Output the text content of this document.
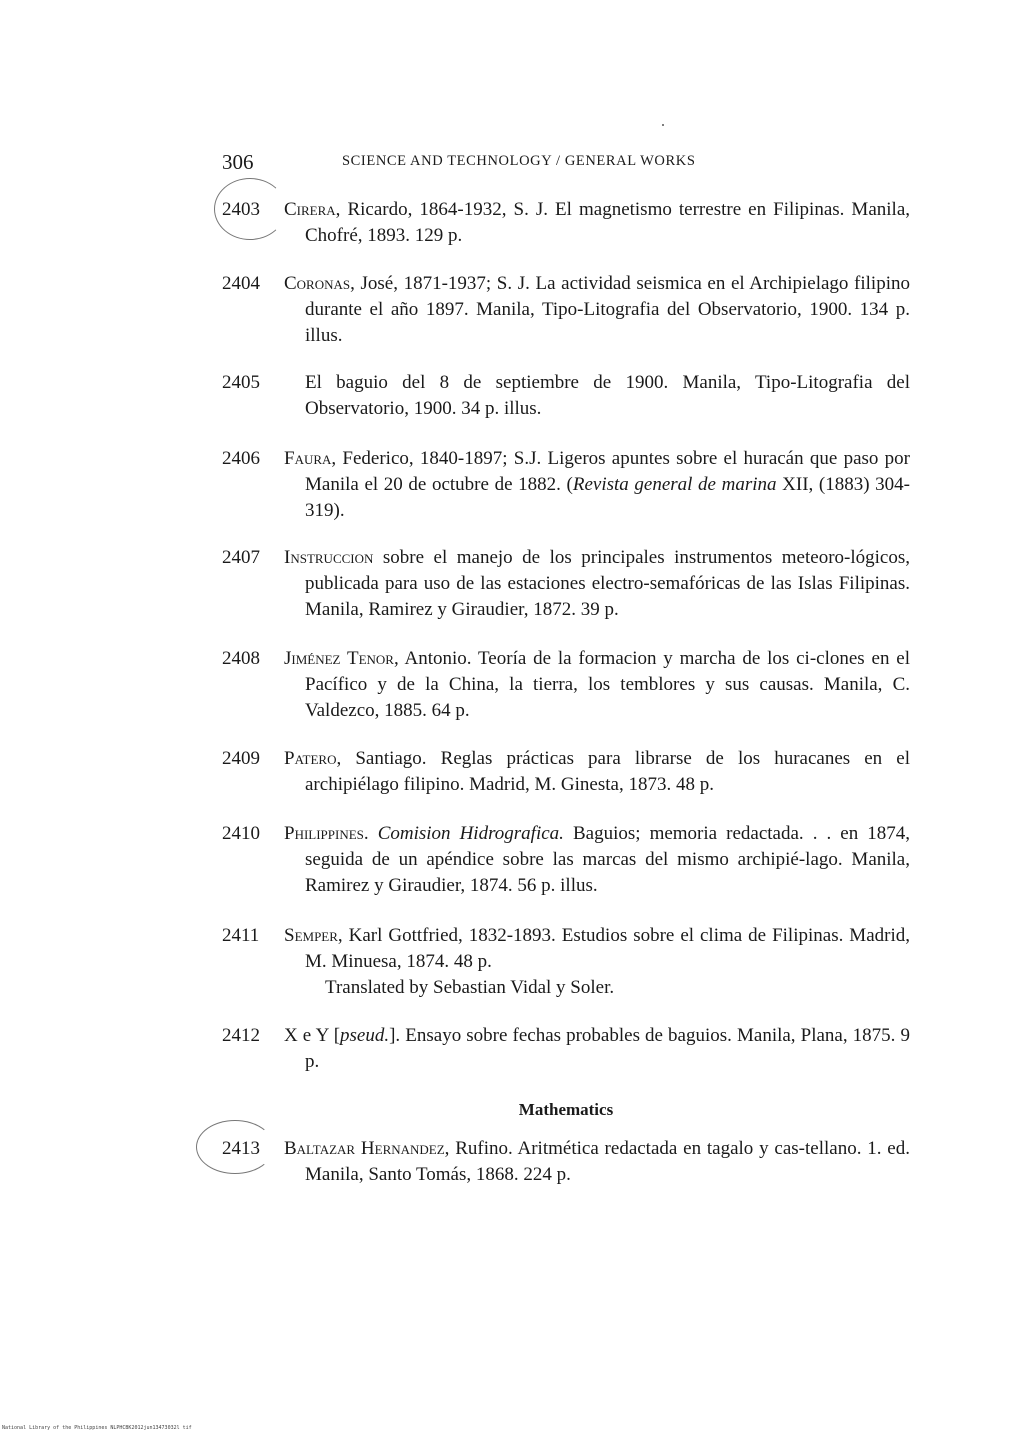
306	SCIENCE AND TECHNOLOGY / GENERAL WORKS
2403	Cirera, Ricardo, 1864-1932, S. J. El magnetismo terrestre en Filipinas. Manila, Chofré, 1893. 129 p.
2404	Coronas, José, 1871-1937; S. J. La actividad seismica en el Archipielago filipino durante el año 1897. Manila, Tipo-Litografia del Observatorio, 1900. 134 p. illus.
2405	El baguio del 8 de septiembre de 1900. Manila, Tipo-Litografia del Observatorio, 1900. 34 p. illus.
2406	Faura, Federico, 1840-1897; S.J. Ligeros apuntes sobre el huracán que paso por Manila el 20 de octubre de 1882. (Revista general de marina XII, (1883) 304-319).
2407	Instruccion sobre el manejo de los principales instrumentos meteoro-lógicos, publicada para uso de las estaciones electro-semafóricas de las Islas Filipinas. Manila, Ramirez y Giraudier, 1872. 39 p.
2408	Jiménez Tenor, Antonio. Teoría de la formacion y marcha de los ci-clones en el Pacífico y de la China, la tierra, los temblores y sus causas. Manila, C. Valdezco, 1885. 64 p.
2409	Patero, Santiago. Reglas prácticas para librarse de los huracanes en el archipiélago filipino. Madrid, M. Ginesta, 1873. 48 p.
2410	Philippines. Comision Hidrografica. Baguios; memoria redactada. . . en 1874, seguida de un apéndice sobre las marcas del mismo archipié-lago. Manila, Ramirez y Giraudier, 1874. 56 p. illus.
2411	Semper, Karl Gottfried, 1832-1893. Estudios sobre el clima de Filipinas. Madrid, M. Minuesa, 1874. 48 p.
Translated by Sebastian Vidal y Soler.
2412	X e Y [pseud.]. Ensayo sobre fechas probables de baguios. Manila, Plana, 1875. 9 p.
Mathematics
2413	Baltazar Hernandez, Rufino. Aritmética redactada en tagalo y cas-tellano. 1. ed. Manila, Santo Tomás, 1868. 224 p.
National Library of the Philippines NLPHCBK2012jun13473032l tif
